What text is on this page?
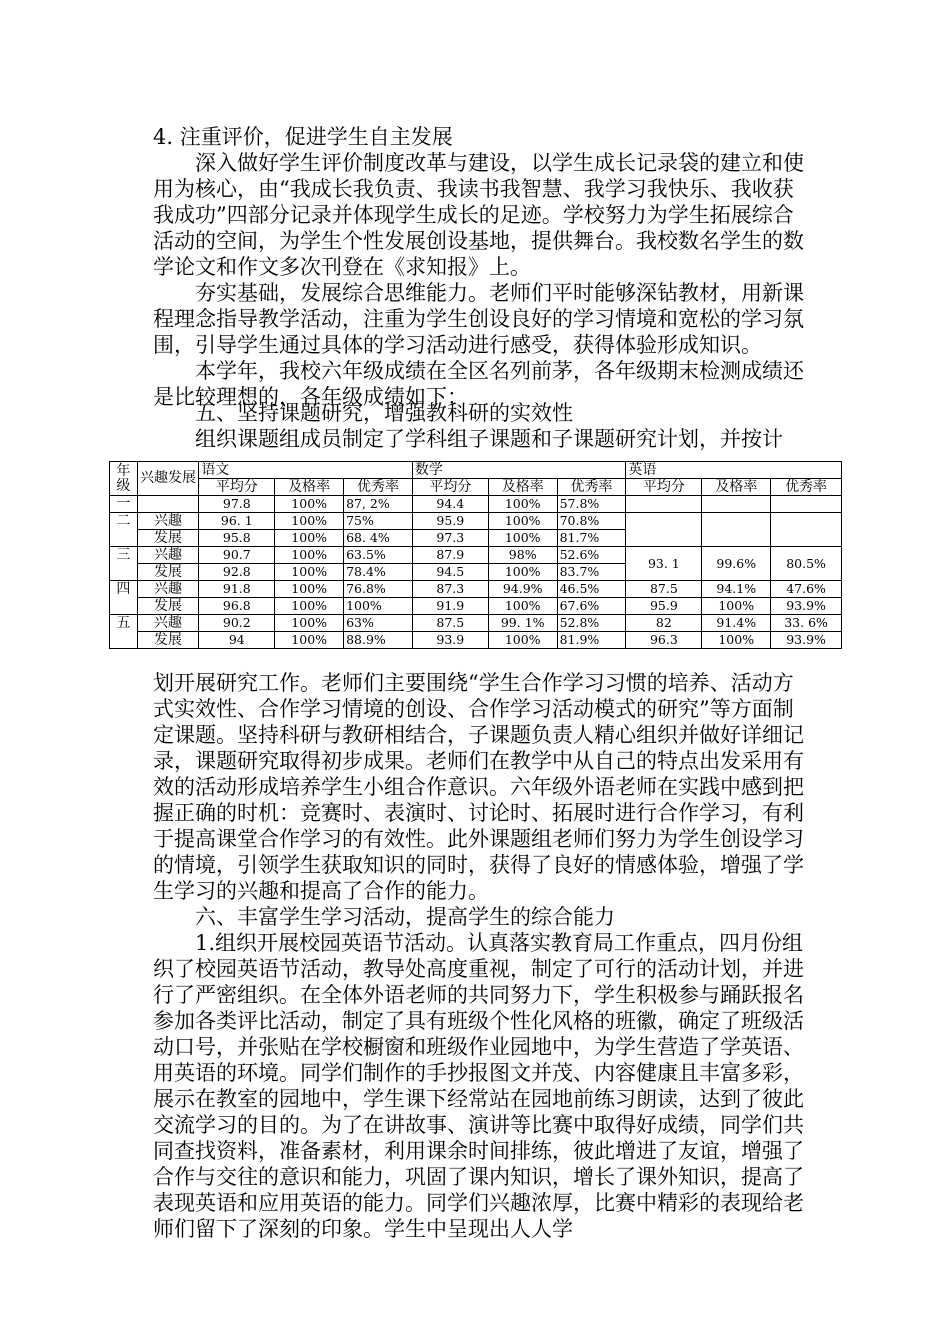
4. 注重评价，促进学生自主发展

深入做好学生评价制度改革与建设，以学生成长记录袋的建立和使用为核心，由“我成长我负责、我读书我智慧、我学习我快乐、我收获我成功”四部分记录并体现学生成长的足迹。学校努力为学生拓展综合活动的空间，为学生个性发展创设基地，提供舞台。我校数名学生的数学论文和作文多次刊登在《求知报》上。

夯实基础，发展综合思维能力。老师们平时能够深钻教材，用新课程理念指导教学活动，注重为学生创设良好的学习情境和宽松的学习氛围，引导学生通过具体的学习活动进行感受，获得体验形成知识。

本学年，我校六年级成绩在全区名列前茅，各年级期末检测成绩还是比较理想的，各年级成绩如下：

五、坚持课题研究，增强教科研的实效性

组织课题组成员制定了学科组子课题和子课题研究计划，并按计

年级	兴趣发展	语文			数学			英语		
		平均分	及格率	优秀率	平均分	及格率	优秀率	平均分	及格率	优秀率
一		97.8	100%	87, 2%	94.4	100%	57.8%			
二	兴趣	96. 1	100%	75%	95.9	100%	70.8%			
	发展	95.8	100%	68. 4%	97.3	100%	81.7%			
三	兴趣	90.7	100%	63.5%	87.9	98%	52.6%	93. 1	99.6%	80.5%
	发展	92.8	100%	78.4%	94.5	100%	83.7%			
四	兴趣	91.8	100%	76.8%	87.3	94.9%	46.5%	87.5	94.1%	47.6%
	发展	96.8	100%	100%	91.9	100%	67.6%	95.9	100%	93.9%
五	兴趣	90.2	100%	63%	87.5	99. 1%	52.8%	82	91.4%	33. 6%
	发展	94	100%	88.9%	93.9	100%	81.9%	96.3	100%	93.9%

划开展研究工作。老师们主要围绕“学生合作学习习惯的培养、活动方式实效性、合作学习情境的创设、合作学习活动模式的研究”等方面制定课题。坚持科研与教研相结合，子课题负责人精心组织并做好详细记录，课题研究取得初步成果。老师们在教学中从自己的特点出发采用有效的活动形成培养学生小组合作意识。六年级外语老师在实践中感到把握正确的时机：竞赛时、表演时、讨论时、拓展时进行合作学习，有利于提高课堂合作学习的有效性。此外课题组老师们努力为学生创设学习的情境，引领学生获取知识的同时，获得了良好的情感体验，增强了学生学习的兴趣和提高了合作的能力。

六、丰富学生学习活动，提高学生的综合能力

1.组织开展校园英语节活动。认真落实教育局工作重点，四月份组织了校园英语节活动，教导处高度重视，制定了可行的活动计划，并进行了严密组织。在全体外语老师的共同努力下，学生积极参与踊跃报名参加各类评比活动，制定了具有班级个性化风格的班徽，确定了班级活动口号，并张贴在学校橱窗和班级作业园地中，为学生营造了学英语、用英语的环境。同学们制作的手抄报图文并茂、内容健康且丰富多彩，展示在教室的园地中，学生课下经常站在园地前练习朗读，达到了彼此交流学习的目的。为了在讲故事、演讲等比赛中取得好成绩，同学们共同查找资料，准备素材，利用课余时间排练，彼此增进了友谊，增强了合作与交往的意识和能力，巩固了课内知识，增长了课外知识，提高了表现英语和应用英语的能力。同学们兴趣浓厚，比赛中精彩的表现给老师们留下了深刻的印象。学生中呈现出人人学
